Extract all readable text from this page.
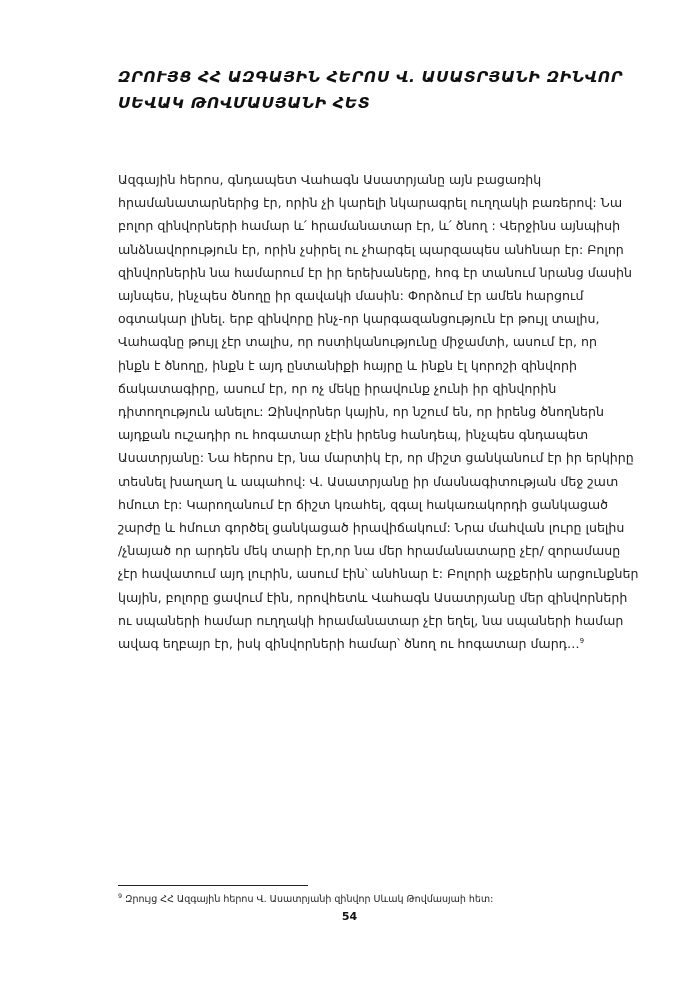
ԶՐՈՒՅՑ ՀՀ ԱԶԳԱՅԻՆ ՀԵՐՈՍ Վ. ԱՍԱՏՐՅԱՆԻ ԶԻՆՎՈՐ
ՍԵՎԱԿ ԹՈՎՄԱՍՅԱՆԻ ՀԵՏ
Ազգային հերոս, գնդապետ Վահագն Ասատրյանը այն բացառիկ
հրամանատարներից էր, որին չի կարելի նկարագրել ուղղակի բառերով: Նա
բոլոր զինվորների համար և՛ հրամանատար էր, և՛ ծնող : Վերջինս այնպիսի
անձնավորություն էր, որին չսիրել ու չհարգել պարզապես անհնար էր: Բոլոր
զինվորներին նա համարում էր իր երեխաները, հոգ էր տանում նրանց մասին
այնպես, ինչպես ծնողը իր զավակի մասին: Փորձում էր ամեն հարցում
օգտակար լինել. երբ զինվորը ինչ-որ կարգազանցություն էր թույլ տալիս,
Վահագնը թույլ չէր տալիս, որ ոստիկանությունը միջամտի, ասում էր, որ
ինքն է ծնողը, ինքն է այդ ընտանիքի հայրը և ինքն էլ կորոշի զինվորի
ճակատագիրը, ասում էր, որ ոչ մեկը իրավունք չունի իր զինվորին
դիտողություն անելու: Զինվորներ կային, որ նշում են, որ իրենց ծնողներն
այդքան ուշադիր ու հոգատար չէին իրենց հանդեպ, ինչպես գնդապետ
Ասատրյանը: Նա հերոս էր, նա մարտիկ էր, որ միշտ ցանկանում էր իր երկիրը
տեսնել խաղաղ և ապահով: Վ. Ասատրյանը իր մասնագիտության մեջ շատ
հմուտ էր: Կարողանում էր ճիշտ կռահել, զգալ հակառակորդի ցանկացած
շարժը և հմուտ գործել ցանկացած իրավիճակում: Նրա մահվան լուրը լսելիս
/չնայած որ արդեն մեկ տարի էր,որ նա մեր հրամանատարը չէր/ զորամասը
չէր հավատում այդ լուրին, ասում էին՝ անհնար է: Բոլորի աչքերին արցունքներ
կային, բոլորը ցավում էին, որովհետև Վահագն Ասատրյանը մեր զինվորների
ու սպաների համար ուղղակի հրամանատար չէր եղել, նա սպաների համար
ավագ եղբայր էր, իսկ զինվորների համար՝ ծնող ու հոգատար մարդ…$^9$
$^9$ Զրույց ՀՀ Ազգային հերոս Վ. Ասատրյանի զինվոր Սևակ Թովմասյաի հետ:
54
